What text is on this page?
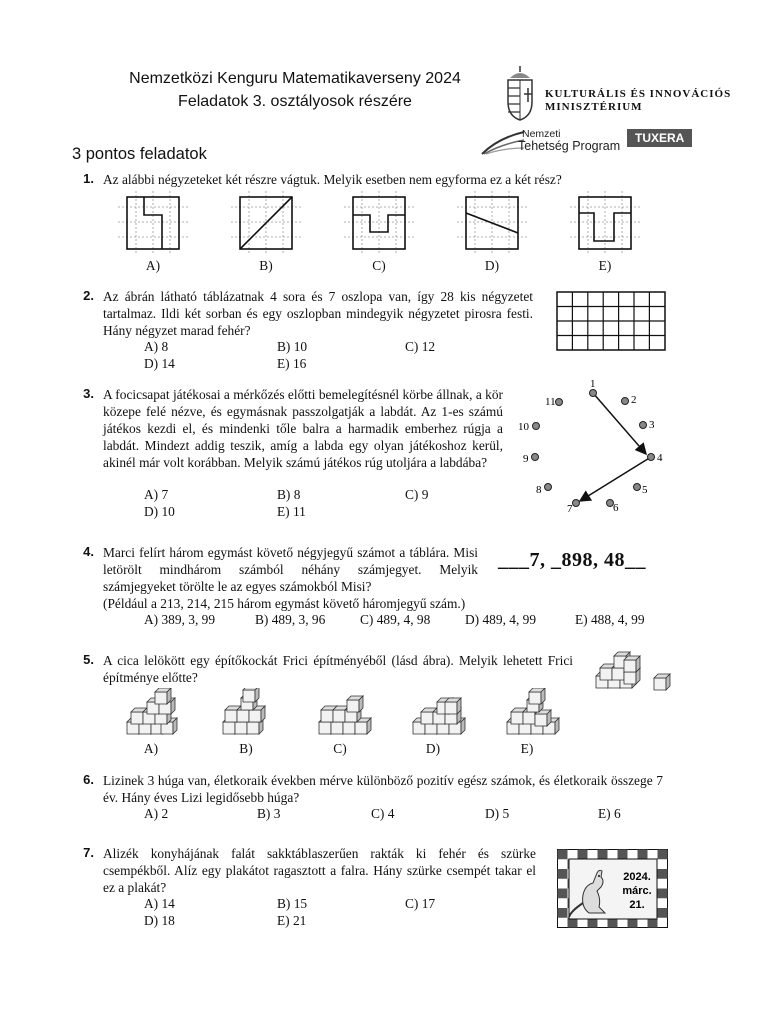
Nemzetközi Kenguru Matematikaverseny 2024
Feladatok 3. osztályosok részére	KULTURÁLIS ÉS INNOVÁCIÓS
MINISZTÉRIUM
Nemzeti
Tehetség Program
TUXERA
3 pontos feladatok
1. Az alábbi négyzeteket két részre vágtuk. Melyik esetben nem egyforma ez a két rész?
A)	B)	C)	D)	E)
2. Az ábrán látható táblázatnak 4 sora és 7 oszlopa van, így 28 kis négyzetet tartalmaz. Ildi két sorban és egy oszlopban mindegyik négyzetet pirosra festi. Hány négyzet marad fehér?
A) 8	B) 10	C) 12
D) 14	E) 16
3. A focicsapat játékosai a mérkőzés előtti bemelegítésnél körbe állnak, a kör közepe felé nézve, és egymásnak passzolgatják a labdát. Az 1-es számú játékos kezdi el, és mindenki tőle balra a harmadik emberhez rúgja a labdát. Mindezt addig teszik, amíg a labda egy olyan játékoshoz kerül, akinél már volt korábban. Melyik számú játékos rúg utoljára a labdába?
A) 7	B) 8	C) 9
D) 10	E) 11
1
2
3
4
5
6
7
8
9
10
11
4. Marci felírt három egymást követő négyjegyű számot a táblára. Misi letörölt mindhárom számból néhány számjegyet. Melyik számjegyeket törölte le az egyes számokból Misi?
(Például a 213, 214, 215 három egymást követő háromjegyű szám.)
___7, _898, 48__
A) 389, 3, 99	B) 489, 3, 96	C) 489, 4, 98	D) 489, 4, 99	E) 488, 4, 99
5. A cica lelökött egy építőkockát Frici építményéből (lásd ábra). Melyik lehetett Frici építménye előtte?
A)	B)	C)	D)	E)
6. Lizinek 3 húga van, életkoraik években mérve különböző pozitív egész számok, és életkoraik összege 7 év. Hány éves Lizi legidősebb húga?
A) 2	B) 3	C) 4	D) 5	E) 6
7. Alizék konyhájának falát sakktáblaszerűen rakták ki fehér és szürke csempékből. Alíz egy plakátot ragasztott a falra. Hány szürke csempét takar el ez a plakát?
A) 14	B) 15	C) 17
D) 18	E) 21
2024.
márc.
21.
